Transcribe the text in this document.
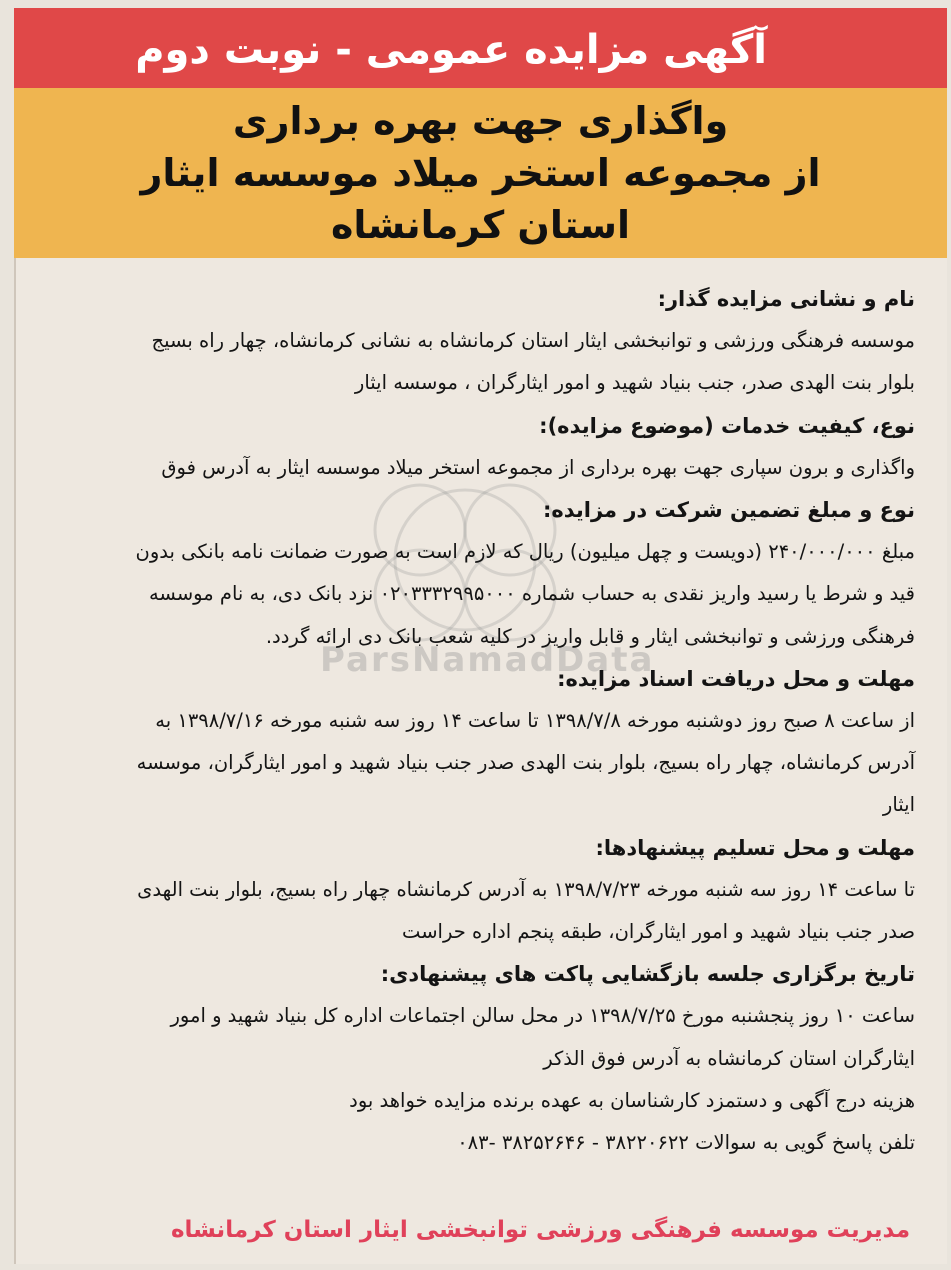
آگهی مزایده عمومی - نوبت دوم
واگذاری جهت بهره برداری
از مجموعه استخر میلاد موسسه ایثار
استان کرمانشاه
ParsNamadData

نام و نشانی مزایده گذار:

موسسه فرهنگی ورزشی و توانبخشی ایثار استان کرمانشاه به نشانی کرمانشاه، چهار راه بسیج

بلوار بنت الهدی صدر، جنب بنیاد شهید و امور ایثارگران ، موسسه ایثار

نوع، کیفیت خدمات (موضوع مزایده):

واگذاری و برون سپاری جهت بهره برداری از مجموعه استخر میلاد موسسه ایثار به آدرس فوق

نوع و مبلغ تضمین شرکت در مزایده:

مبلغ ۲۴۰/۰۰۰/۰۰۰ (دویست و چهل میلیون) ریال که لازم است به صورت ضمانت نامه بانکی بدون

قید و شرط یا رسید واریز نقدی به حساب شماره ۰۲۰۳۳۳۲۹۹۵۰۰۰ نزد بانک دی، به نام موسسه

فرهنگی ورزشی و توانبخشی ایثار و قابل واریز در کلیه شعب بانک دی ارائه گردد.

مهلت و محل دریافت اسناد مزایده:

از ساعت ۸ صبح روز دوشنبه مورخه ۱۳۹۸/۷/۸ تا ساعت ۱۴ روز سه شنبه مورخه ۱۳۹۸/۷/۱۶ به

آدرس کرمانشاه، چهار راه بسیج، بلوار بنت الهدی صدر جنب بنیاد شهید و امور ایثارگران، موسسه

ایثار

مهلت و محل تسلیم پیشنهادها:

تا ساعت ۱۴ روز سه شنبه مورخه ۱۳۹۸/۷/۲۳ به آدرس کرمانشاه چهار راه بسیج، بلوار بنت الهدی

صدر جنب بنیاد شهید و امور ایثارگران، طبقه پنجم اداره حراست

تاریخ برگزاری جلسه بازگشایی پاکت های پیشنهادی:

ساعت ۱۰ روز پنجشنبه مورخ ۱۳۹۸/۷/۲۵ در محل سالن اجتماعات اداره کل بنیاد شهید و امور

ایثارگران استان کرمانشاه به آدرس فوق الذکر

هزینه درج آگهی و دستمزد کارشناسان به عهده برنده مزایده خواهد بود

تلفن پاسخ گویی به سوالات ۳۸۲۲۰۶۲۲ - ۳۸۲۵۲۶۴۶ -۰۸۳

مدیریت موسسه فرهنگی ورزشی توانبخشی ایثار استان کرمانشاه
